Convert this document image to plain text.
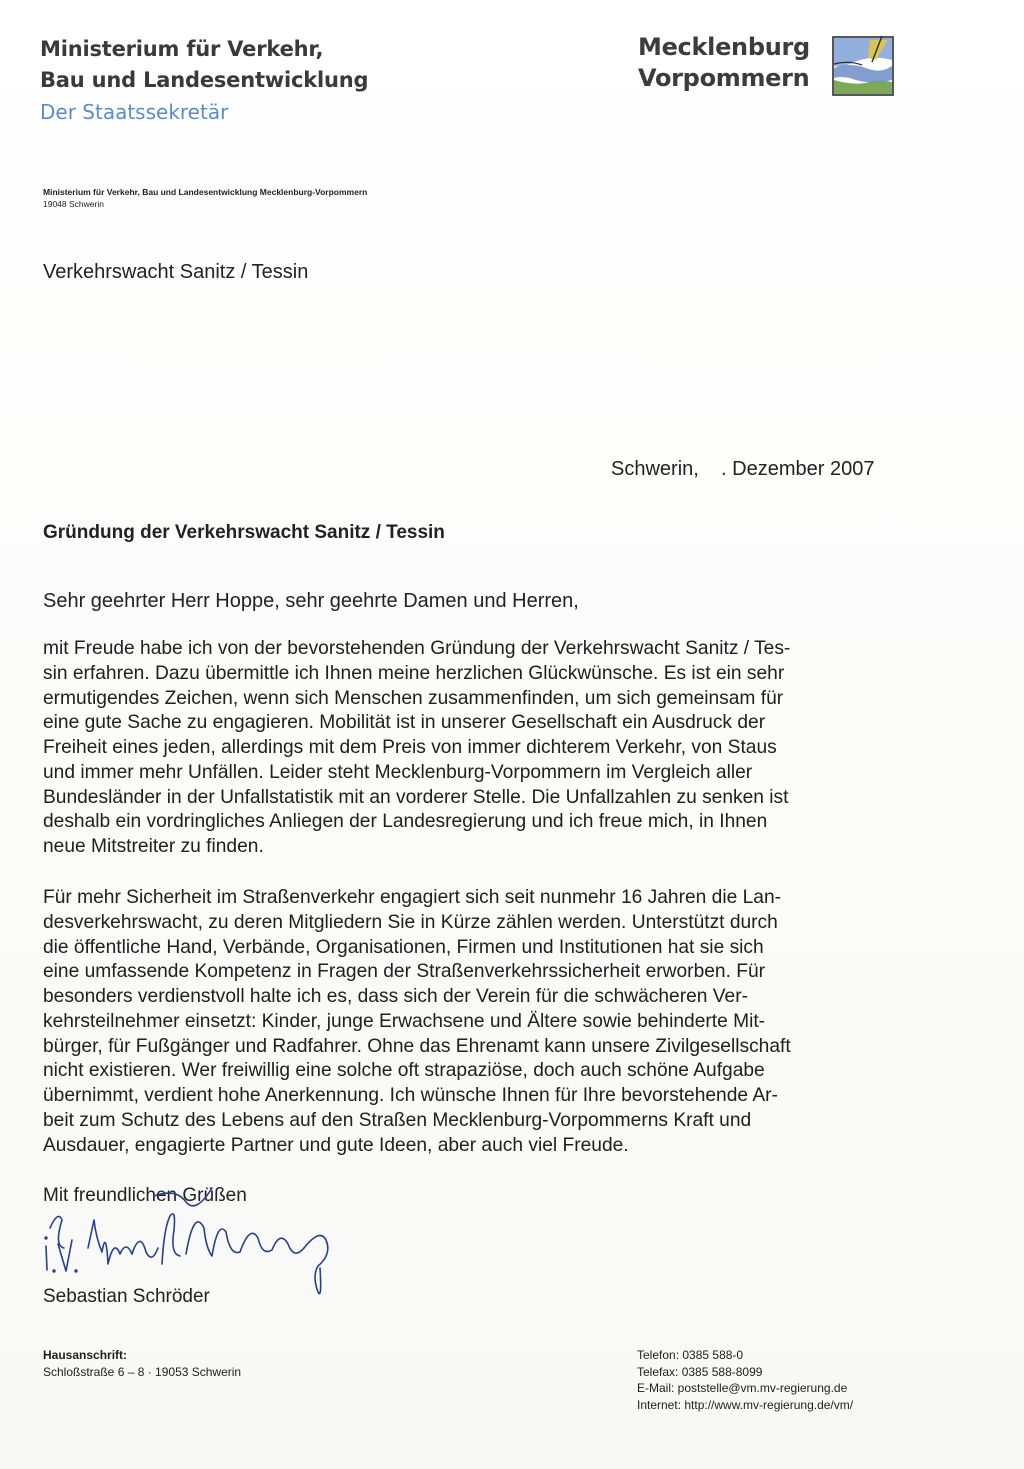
Ministerium für Verkehr,
Bau und Landesentwicklung
Der Staatssekretär
Mecklenburg
Vorpommern
Ministerium für Verkehr, Bau und Landesentwicklung Mecklenburg-Vorpommern
19048 Schwerin
Verkehrswacht Sanitz / Tessin
Schwerin, . Dezember 2007
Gründung der Verkehrswacht Sanitz / Tessin
Sehr geehrter Herr Hoppe, sehr geehrte Damen und Herren,
mit Freude habe ich von der bevorstehenden Gründung der Verkehrswacht Sanitz / Tes-
sin erfahren. Dazu übermittle ich Ihnen meine herzlichen Glückwünsche. Es ist ein sehr
ermutigendes Zeichen, wenn sich Menschen zusammenfinden, um sich gemeinsam für
eine gute Sache zu engagieren. Mobilität ist in unserer Gesellschaft ein Ausdruck der
Freiheit eines jeden, allerdings mit dem Preis von immer dichterem Verkehr, von Staus
und immer mehr Unfällen. Leider steht Mecklenburg-Vorpommern im Vergleich aller
Bundesländer in der Unfallstatistik mit an vorderer Stelle. Die Unfallzahlen zu senken ist
deshalb ein vordringliches Anliegen der Landesregierung und ich freue mich, in Ihnen
neue Mitstreiter zu finden.
Für mehr Sicherheit im Straßenverkehr engagiert sich seit nunmehr 16 Jahren die Lan-
desverkehrswacht, zu deren Mitgliedern Sie in Kürze zählen werden. Unterstützt durch
die öffentliche Hand, Verbände, Organisationen, Firmen und Institutionen hat sie sich
eine umfassende Kompetenz in Fragen der Straßenverkehrssicherheit erworben. Für
besonders verdienstvoll halte ich es, dass sich der Verein für die schwächeren Ver-
kehrsteilnehmer einsetzt: Kinder, junge Erwachsene und Ältere sowie behinderte Mit-
bürger, für Fußgänger und Radfahrer. Ohne das Ehrenamt kann unsere Zivilgesellschaft
nicht existieren. Wer freiwillig eine solche oft strapaziöse, doch auch schöne Aufgabe
übernimmt, verdient hohe Anerkennung. Ich wünsche Ihnen für Ihre bevorstehende Ar-
beit zum Schutz des Lebens auf den Straßen Mecklenburg-Vorpommerns Kraft und
Ausdauer, engagierte Partner und gute Ideen, aber auch viel Freude.
Mit freundlichen Grüßen
Sebastian Schröder
Hausanschrift:
Schloßstraße 6 – 8 · 19053 Schwerin
Telefon: 0385 588-0
Telefax: 0385 588-8099
E-Mail: poststelle@vm.mv-regierung.de
Internet: http://www.mv-regierung.de/vm/
